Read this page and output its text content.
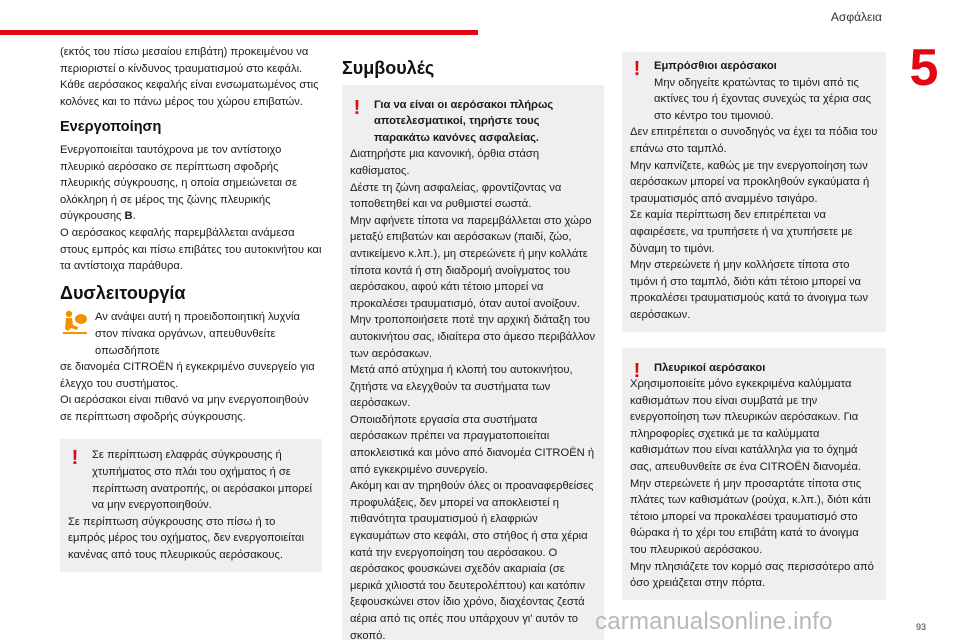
Ασφάλεια
5

(εκτός του πίσω μεσαίου επιβάτη) προκειμένου να περιοριστεί ο κίνδυνος τραυματισμού στο κεφάλι. Κάθε αερόσακος κεφαλής είναι ενσωματωμένος στις κολόνες και το πάνω μέρος του χώρου επιβατών.

Ενεργοποίηση

Ενεργοποιείται ταυτόχρονα με τον αντίστοιχο πλευρικό αερόσακο σε περίπτωση σφοδρής πλευρικής σύγκρουσης, η οποία σημειώνεται σε ολόκληρη ή σε μέρος της ζώνης πλευρικής σύγκρουσης B.

Ο αερόσακος κεφαλής παρεμβάλλεται ανάμεσα στους εμπρός και πίσω επιβάτες του αυτοκινήτου και τα αντίστοιχα παράθυρα.

Δυσλειτουργία

Αν ανάψει αυτή η προειδοποιητική λυχνία στον πίνακα οργάνων, απευθυνθείτε οπωσδήποτε

σε διανομέα CITROËN ή εγκεκριμένο συνεργείο για έλεγχο του συστήματος.

Οι αερόσακοι είναι πιθανό να μην ενεργοποιηθούν σε περίπτωση σφοδρής σύγκρουσης.

!	Σε περίπτωση ελαφράς σύγκρουσης ή χτυπήματος στο πλάι του οχήματος ή σε περίπτωση ανατροπής, οι αερόσακοι μπορεί να μην ενεργοποιηθούν.

Σε περίπτωση σύγκρουσης στο πίσω ή το εμπρός μέρος του οχήματος, δεν ενεργοποιείται κανένας από τους πλευρικούς αερόσακους.

Συμβουλές
!	Για να είναι οι αερόσακοι πλήρως αποτελεσματικοί, τηρήστε τους παρακάτω κανόνες ασφαλείας.

Διατηρήστε μια κανονική, όρθια στάση καθίσματος.

Δέστε τη ζώνη ασφαλείας, φροντίζοντας να τοποθετηθεί και να ρυθμιστεί σωστά.

Μην αφήνετε τίποτα να παρεμβάλλεται στο χώρο μεταξύ επιβατών και αερόσακων (παιδί, ζώο, αντικείμενο κ.λπ.), μη στερεώνετε ή μην κολλάτε τίποτα κοντά ή στη διαδρομή ανοίγματος του αερόσακου, αφού κάτι τέτοιο μπορεί να προκαλέσει τραυματισμό, όταν αυτοί ανοίξουν.

Μην τροποποιήσετε ποτέ την αρχική διάταξη του αυτοκινήτου σας, ιδιαίτερα στο άμεσο περιβάλλον των αερόσακων.

Μετά από ατύχημα ή κλοπή του αυτοκινήτου, ζητήστε να ελεγχθούν τα συστήματα των αερόσακων.

Οποιαδήποτε εργασία στα συστήματα αερόσακων πρέπει να πραγματοποιείται αποκλειστικά και μόνο από διανομέα CITROËN ή από εγκεκριμένο συνεργείο.

Ακόμη και αν τηρηθούν όλες οι προαναφερθείσες προφυλάξεις, δεν μπορεί να αποκλειστεί η πιθανότητα τραυματισμού ή ελαφριών εγκαυμάτων στο κεφάλι, στο στήθος ή στα χέρια κατά την ενεργοποίηση του αερόσακου. Ο αερόσακος φουσκώνει σχεδόν ακαριαία (σε μερικά χιλιοστά του δευτερολέπτου) και κατόπιν ξεφουσκώνει στον ίδιο χρόνο, διαχέοντας ζεστά αέρια από τις οπές που υπάρχουν γι' αυτόν το σκοπό.

!	Εμπρόσθιοι αερόσακοι

Μην οδηγείτε κρατώντας το τιμόνι από τις ακτίνες του ή έχοντας συνεχώς τα χέρια σας στο κέντρο του τιμονιού.

Δεν επιτρέπεται ο συνοδηγός να έχει τα πόδια του επάνω στο ταμπλό.

Μην καπνίζετε, καθώς με την ενεργοποίηση των αερόσακων μπορεί να προκληθούν εγκαύματα ή τραυματισμός από αναμμένο τσιγάρο.

Σε καμία περίπτωση δεν επιτρέπεται να αφαιρέσετε, να τρυπήσετε ή να χτυπήσετε με δύναμη το τιμόνι.

Μην στερεώνετε ή μην κολλήσετε τίποτα στο τιμόνι ή στο ταμπλό, διότι κάτι τέτοιο μπορεί να προκαλέσει τραυματισμούς κατά το άνοιγμα των αερόσακων.

!	Πλευρικοί αερόσακοι

Χρησιμοποιείτε μόνο εγκεκριμένα καλύμματα καθισμάτων που είναι συμβατά με την ενεργοποίηση των πλευρικών αερόσακων. Για πληροφορίες σχετικά με τα καλύμματα καθισμάτων που είναι κατάλληλα για το όχημά σας, απευθυνθείτε σε ένα CITROËN διανομέα.

Μην στερεώνετε ή μην προσαρτάτε τίποτα στις πλάτες των καθισμάτων (ρούχα, κ.λπ.), διότι κάτι τέτοιο μπορεί να προκαλέσει τραυματισμό στο θώρακα ή το χέρι του επιβάτη κατά το άνοιγμα του πλευρικού αερόσακου.

Μην πλησιάζετε τον κορμό σας περισσότερο από όσο χρειάζεται στην πόρτα.

carmanualsonline.info	93
